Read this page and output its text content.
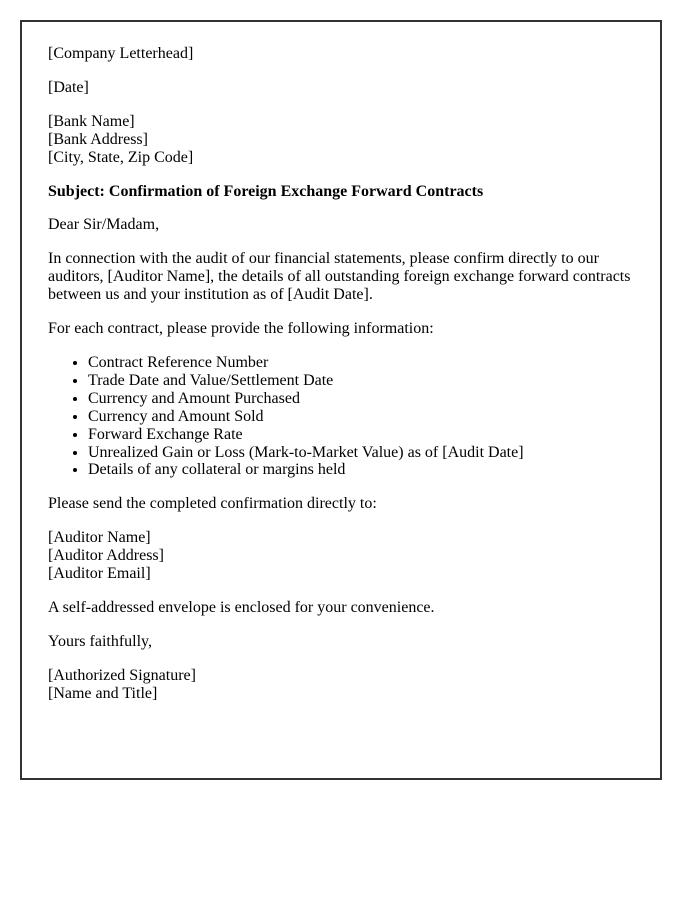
[Company Letterhead]

[Date]

[Bank Name]
[Bank Address]
[City, State, Zip Code]

Subject: Confirmation of Foreign Exchange Forward Contracts

Dear Sir/Madam,

In connection with the audit of our financial statements, please confirm directly to our auditors, [Auditor Name], the details of all outstanding foreign exchange forward contracts between us and your institution as of [Audit Date].

For each contract, please provide the following information:

• Contract Reference Number
• Trade Date and Value/Settlement Date
• Currency and Amount Purchased
• Currency and Amount Sold
• Forward Exchange Rate
• Unrealized Gain or Loss (Mark-to-Market Value) as of [Audit Date]
• Details of any collateral or margins held

Please send the completed confirmation directly to:

[Auditor Name]
[Auditor Address]
[Auditor Email]

A self-addressed envelope is enclosed for your convenience.

Yours faithfully,

[Authorized Signature]
[Name and Title]
